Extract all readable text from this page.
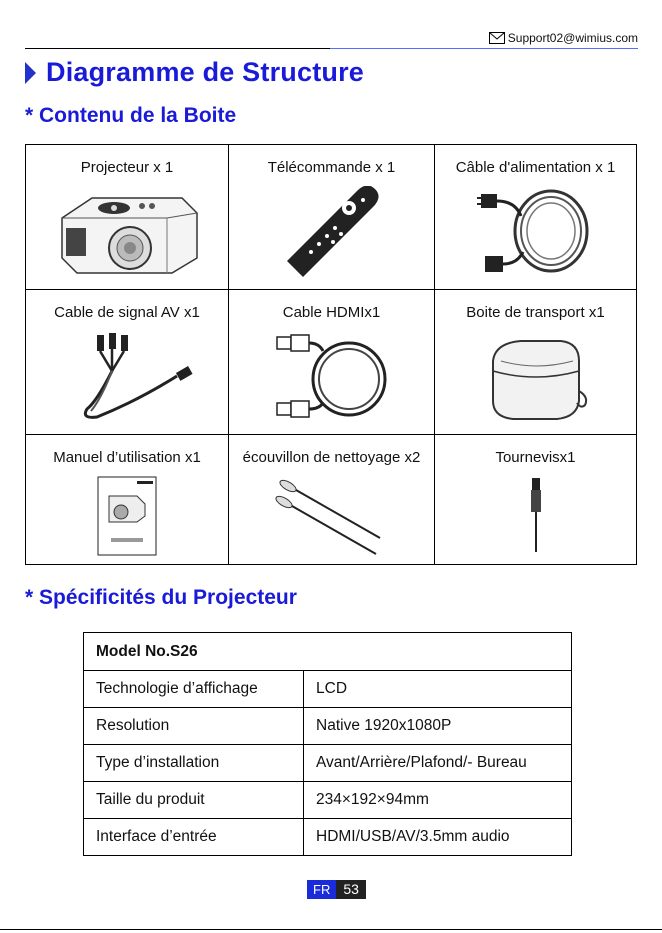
Support02@wimius.com
Diagramme de Structure
* Contenu de la Boite
Projecteur x 1	Télécommande x 1	Câble d'alimentation x 1
Cable de signal AV x1	Cable HDMIx1	Boite de transport x1
Manuel d’utilisation x1	écouvillon de nettoyage x2	Tournevisx1
* Spécificités du Projecteur
Model No.S26	
Technologie d’affichage	LCD
Resolution	Native 1920x1080P
Type d’installation	Avant/Arrière/Plafond/- Bureau
Taille du produit	234×192×94mm
Interface d’entrée	HDMI/USB/AV/3.5mm audio
FR 53
